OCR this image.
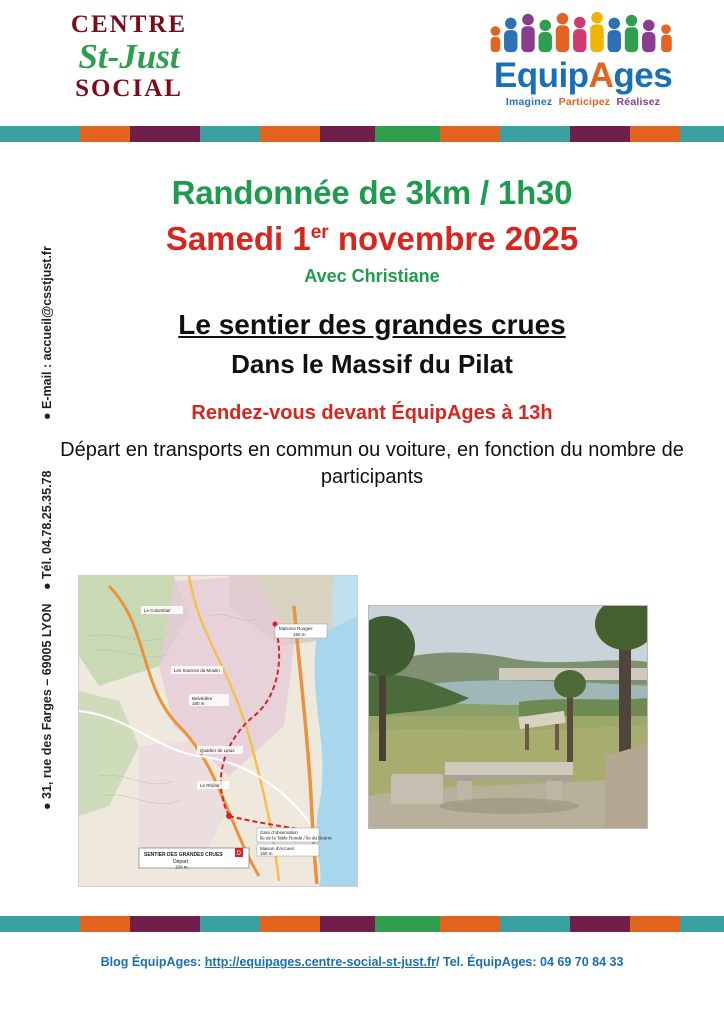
CENTRE
St-Just
SOCIAL	EquipAges
Imaginez Participez Réalisez
● E-mail : accueil@csstjust.fr
● Tél. 04.78.25.35.78
● 31, rue des Farges – 69005 LYON
Randonnée de 3km / 1h30
Samedi 1er novembre 2025
Avec Christiane
Le sentier des grandes crues
Dans le Massif du Pilat
Rendez-vous devant ÉquipAges à 13h
Départ en transports en commun ou voiture, en fonction du nombre de participants
Maisons Rouges
150 m
Gare d'observation
Île de la Table Ronde / Île du Beurre
Maison d'Accueil
150 m
SENTIER DES GRANDES CRUES
Départ
150 m
Le Colombier
Quartier de Lioux
Les Sources du Moulin
Belvédère
180 m
Le Rhône
D
Blog ÉquipAges: http://equipages.centre-social-st-just.fr/ Tel. ÉquipAges: 04 69 70 84 33
